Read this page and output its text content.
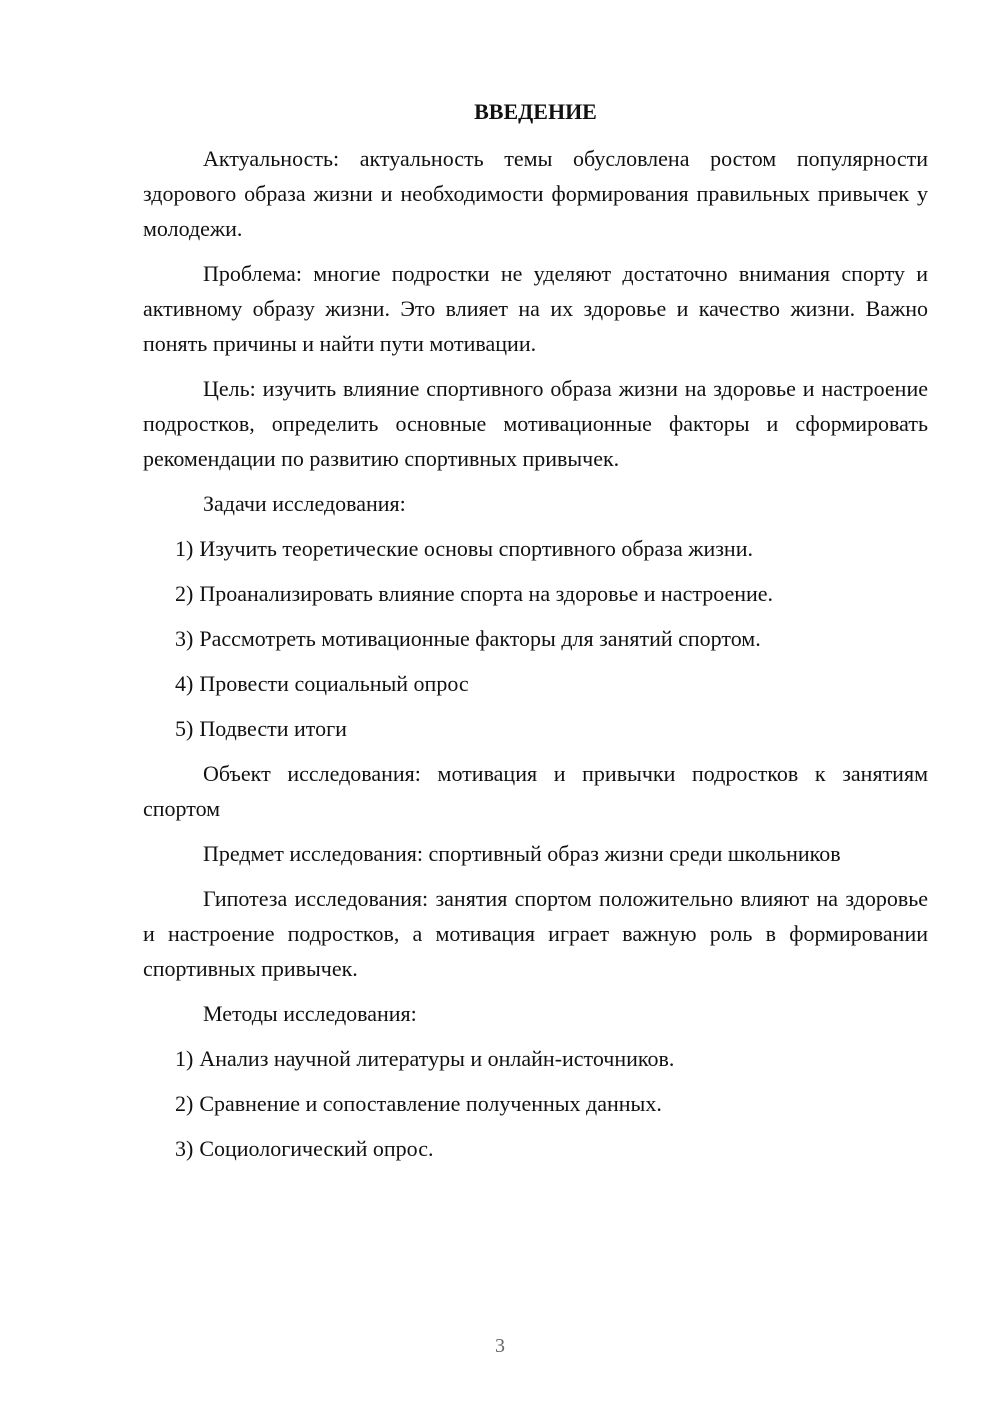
ВВЕДЕНИЕ

Актуальность: актуальность темы обусловлена ростом популярности здорового образа жизни и необходимости формирования правильных привычек у молодежи.

Проблема: многие подростки не уделяют достаточно внимания спорту и активному образу жизни. Это влияет на их здоровье и качество жизни. Важно понять причины и найти пути мотивации.

Цель: изучить влияние спортивного образа жизни на здоровье и настроение подростков, определить основные мотивационные факторы и сформировать рекомендации по развитию спортивных привычек.

Задачи исследования:

1) Изучить теоретические основы спортивного образа жизни.
2) Проанализировать влияние спорта на здоровье и настроение.
3) Рассмотреть мотивационные факторы для занятий спортом.
4) Провести социальный опрос
5) Подвести итоги

Объект исследования: мотивация и привычки подростков к занятиям спортом

Предмет исследования: спортивный образ жизни среди школьников

Гипотеза исследования: занятия спортом положительно влияют на здоровье и настроение подростков, а мотивация играет важную роль в формировании спортивных привычек.

Методы исследования:

1) Анализ научной литературы и онлайн-источников.
2) Сравнение и сопоставление полученных данных.
3) Социологический опрос.
3
